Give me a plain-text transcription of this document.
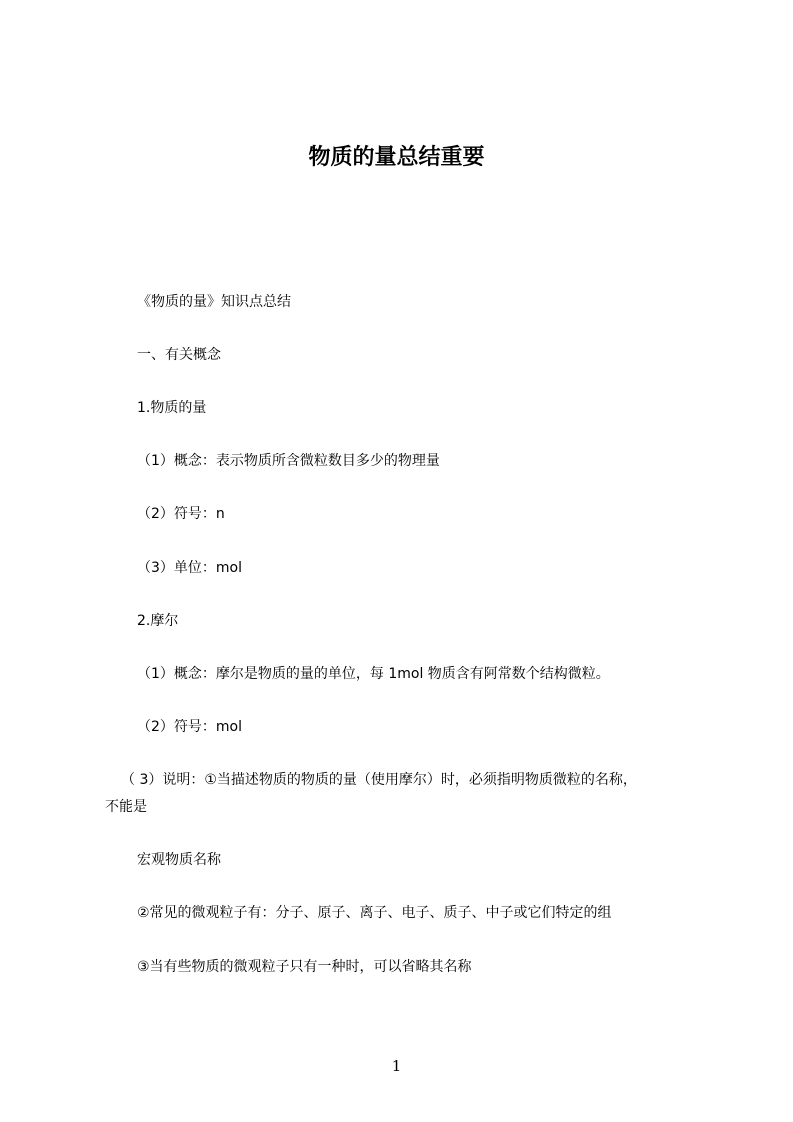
物质的量总结重要
《物质的量》知识点总结
一、有关概念
1.物质的量
（1）概念：表示物质所含微粒数目多少的物理量
（2）符号：n
（3）单位：mol
2.摩尔
（1）概念：摩尔是物质的量的单位，每 1mol 物质含有阿常数个结构微粒。
（2）符号：mol
（ 3）说明：①当描述物质的物质的量（使用摩尔）时，必须指明物质微粒的名称，
不能是
宏观物质名称
②常见的微观粒子有：分子、原子、离子、电子、质子、中子或它们特定的组
③当有些物质的微观粒子只有一种时，可以省略其名称
1
